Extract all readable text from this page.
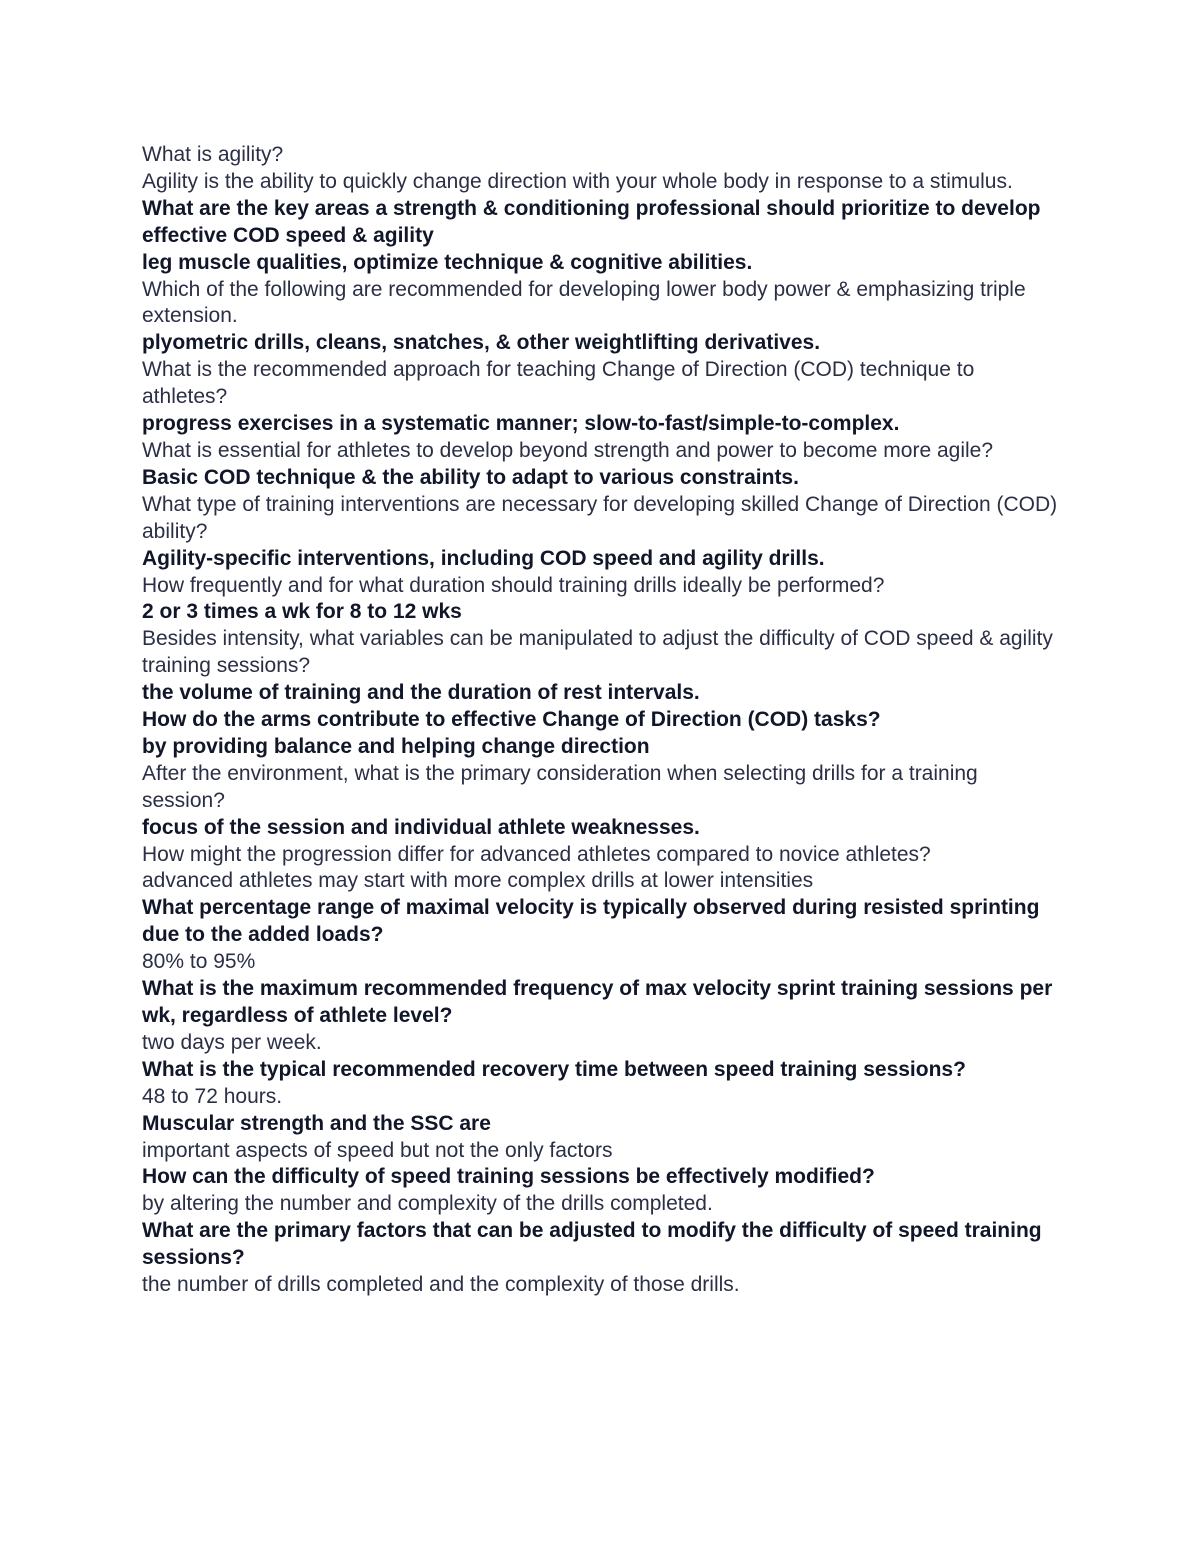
What is agility?

Agility is the ability to quickly change direction with your whole body in response to a stimulus.

What are the key areas a strength & conditioning professional should prioritize to develop effective COD speed & agility

leg muscle qualities, optimize technique & cognitive abilities.

Which of the following are recommended for developing lower body power & emphasizing triple extension.

plyometric drills, cleans, snatches, & other weightlifting derivatives.

What is the recommended approach for teaching Change of Direction (COD) technique to athletes?

progress exercises in a systematic manner; slow-to-fast/simple-to-complex.

What is essential for athletes to develop beyond strength and power to become more agile?

Basic COD technique & the ability to adapt to various constraints.

What type of training interventions are necessary for developing skilled Change of Direction (COD) ability?

Agility-specific interventions, including COD speed and agility drills.

How frequently and for what duration should training drills ideally be performed?

2 or 3 times a wk for 8 to 12 wks

Besides intensity, what variables can be manipulated to adjust the difficulty of COD speed & agility training sessions?

the volume of training and the duration of rest intervals.

How do the arms contribute to effective Change of Direction (COD) tasks?

by providing balance and helping change direction

After the environment, what is the primary consideration when selecting drills for a training session?

focus of the session and individual athlete weaknesses.

How might the progression differ for advanced athletes compared to novice athletes?

advanced athletes may start with more complex drills at lower intensities

What percentage range of maximal velocity is typically observed during resisted sprinting due to the added loads?

80% to 95%

What is the maximum recommended frequency of max velocity sprint training sessions per wk, regardless of athlete level?

two days per week.

What is the typical recommended recovery time between speed training sessions?

48 to 72 hours.

Muscular strength and the SSC are

important aspects of speed but not the only factors

How can the difficulty of speed training sessions be effectively modified?

by altering the number and complexity of the drills completed.

What are the primary factors that can be adjusted to modify the difficulty of speed training sessions?

the number of drills completed and the complexity of those drills.
